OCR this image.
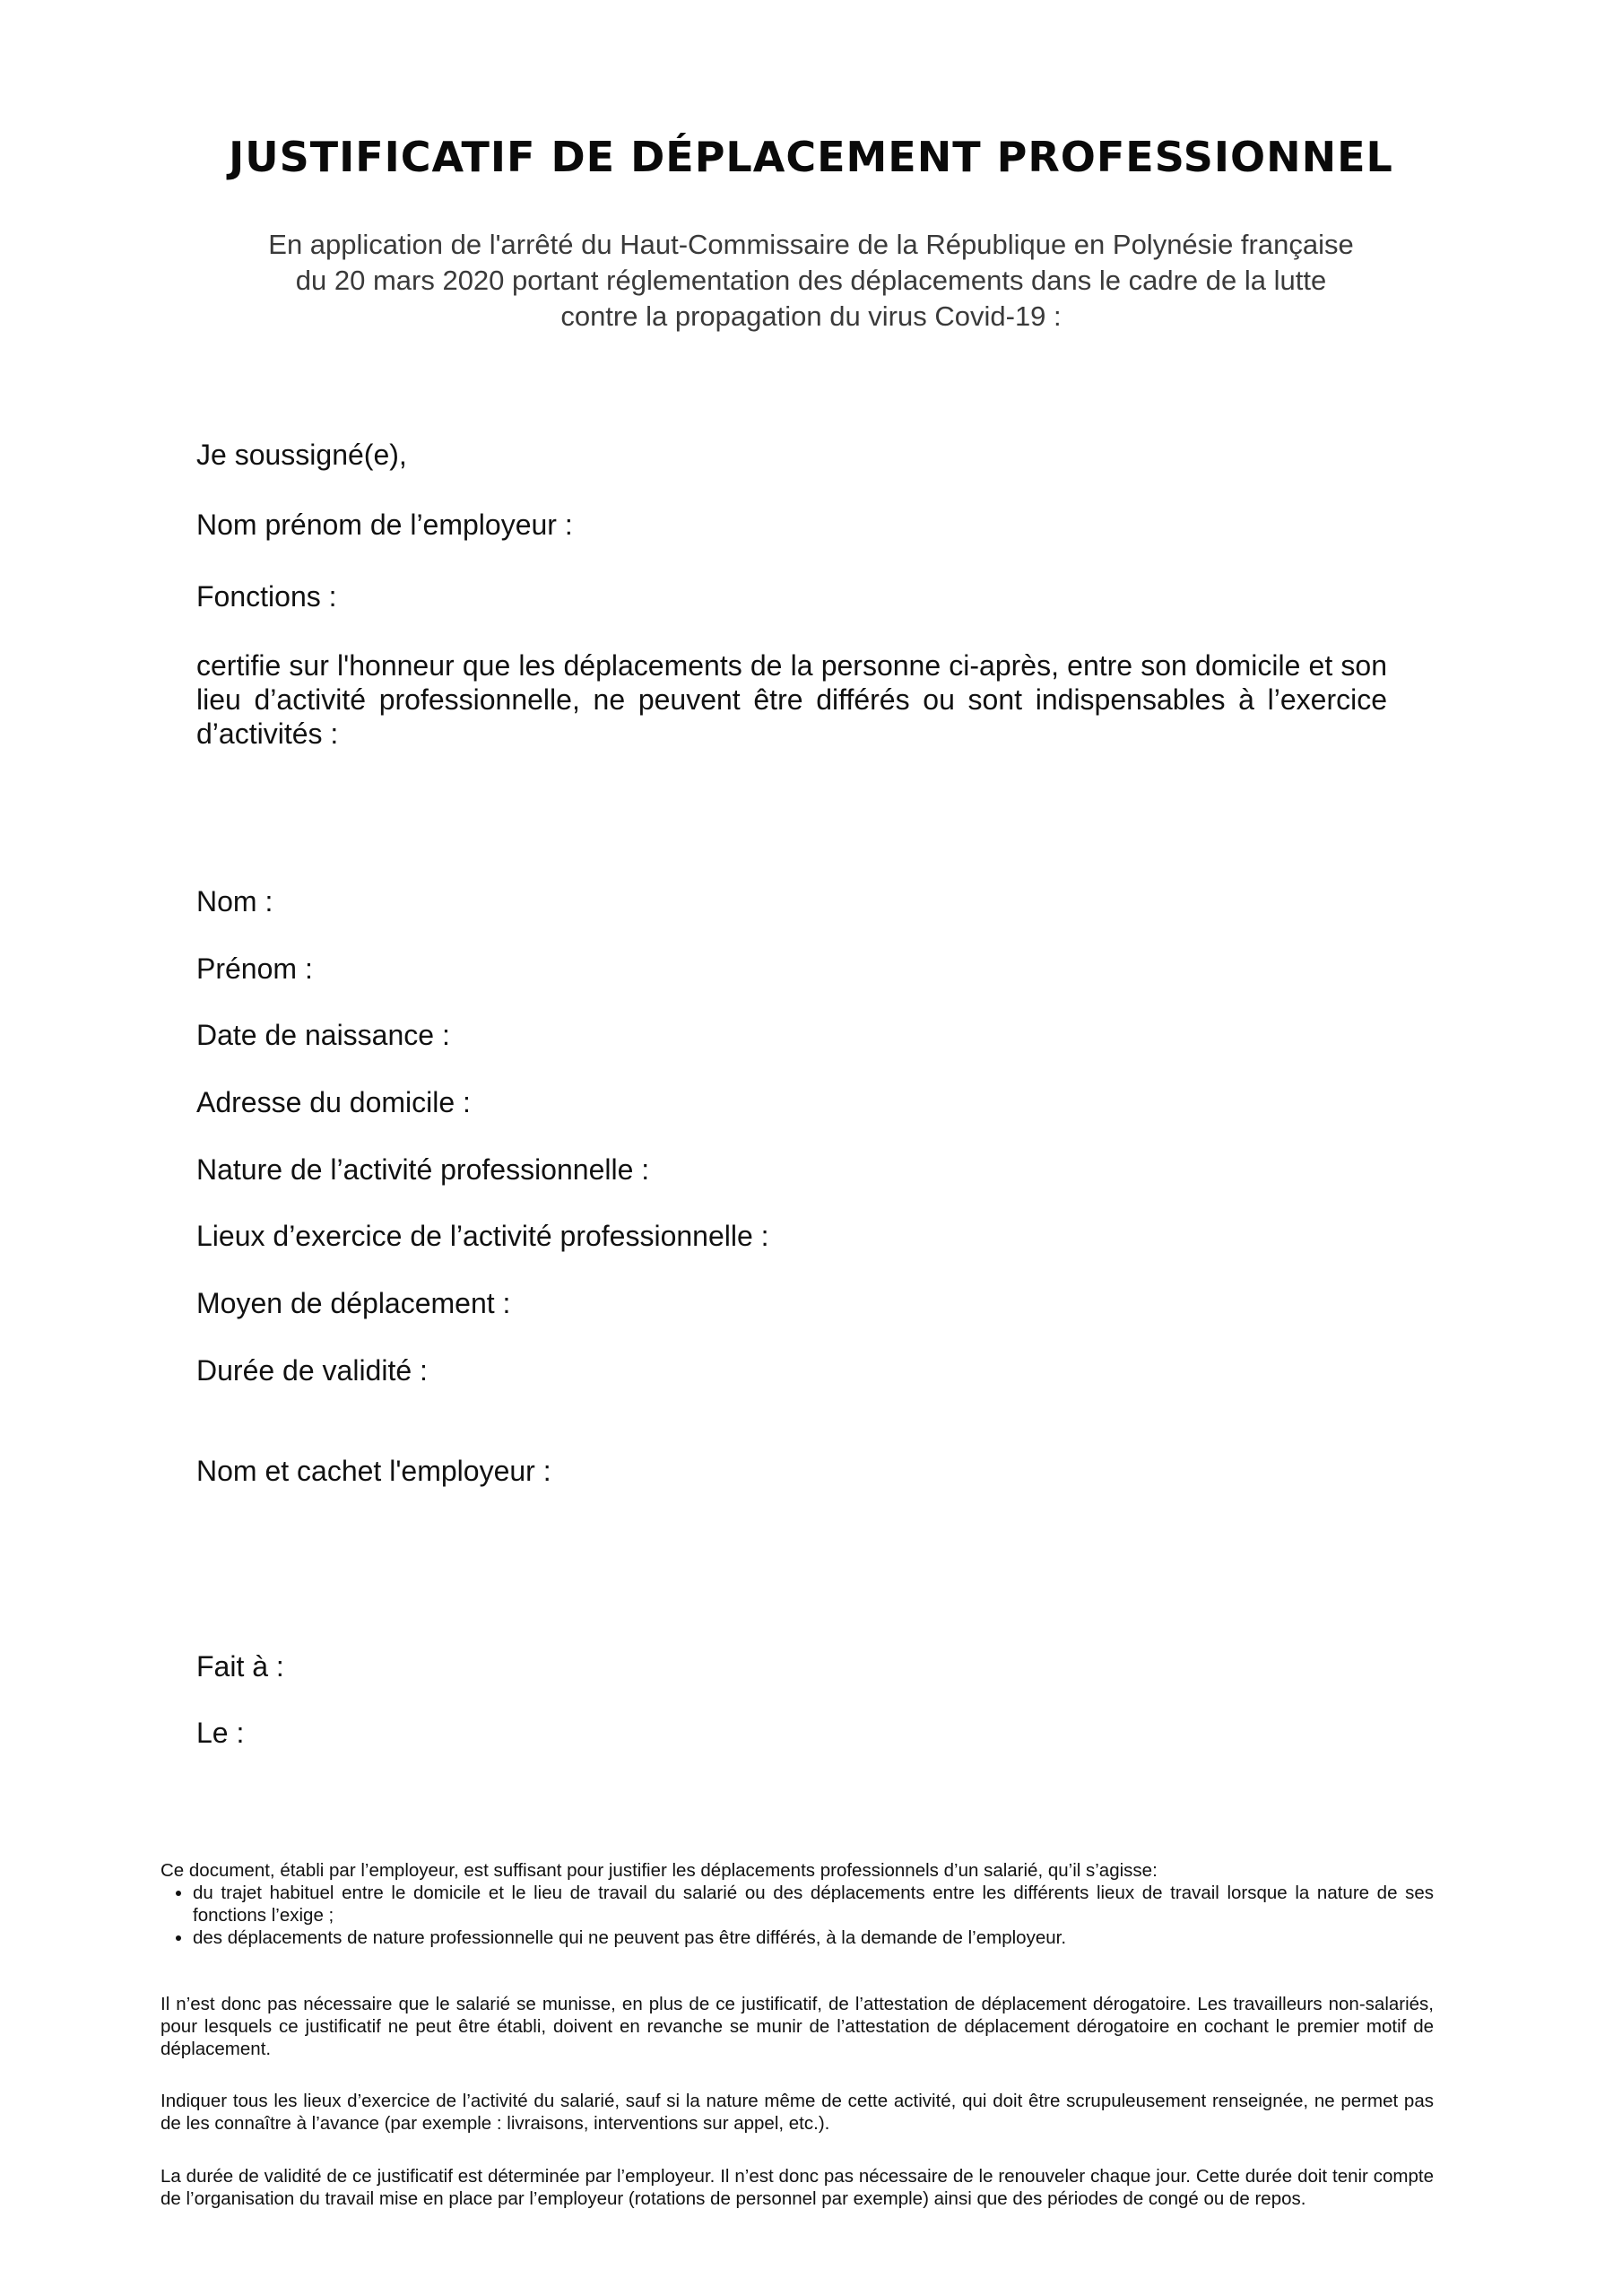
JUSTIFICATIF DE DÉPLACEMENT PROFESSIONNEL
En application de l'arrêté du Haut-Commissaire de la République en Polynésie française
du 20 mars 2020 portant réglementation des déplacements dans le cadre de la lutte
contre la propagation du virus Covid-19 :
Je soussigné(e),
Nom prénom de l’employeur :
Fonctions :
certifie sur l'honneur que les déplacements de la personne ci-après, entre son domicile et son lieu d’activité professionnelle, ne peuvent être différés ou sont indispensables à l’exercice d’activités :
Nom :
Prénom :
Date de naissance :
Adresse du domicile :
Nature de l’activité professionnelle :
Lieux d’exercice de l’activité professionnelle :
Moyen de déplacement :
Durée de validité :
Nom et cachet l'employeur :
Fait à :
Le :

Ce document, établi par l’employeur, est suffisant pour justifier les déplacements professionnels d’un salarié, qu’il s’agisse:

• du trajet habituel entre le domicile et le lieu de travail du salarié ou des déplacements entre les différents lieux de travail lorsque la nature de ses fonctions l’exige ;
• des déplacements de nature professionnelle qui ne peuvent pas être différés, à la demande de l’employeur.

Il n’est donc pas nécessaire que le salarié se munisse, en plus de ce justificatif, de l’attestation de déplacement dérogatoire. Les travailleurs non-salariés, pour lesquels ce justificatif ne peut être établi, doivent en revanche se munir de l’attestation de déplacement dérogatoire en cochant le premier motif de déplacement.

Indiquer tous les lieux d’exercice de l’activité du salarié, sauf si la nature même de cette activité, qui doit être scrupuleusement renseignée, ne permet pas de les connaître à l’avance (par exemple : livraisons, interventions sur appel, etc.).

La durée de validité de ce justificatif est déterminée par l’employeur. Il n’est donc pas nécessaire de le renouveler chaque jour. Cette durée doit tenir compte de l’organisation du travail mise en place par l’employeur (rotations de personnel par exemple) ainsi que des périodes de congé ou de repos.
